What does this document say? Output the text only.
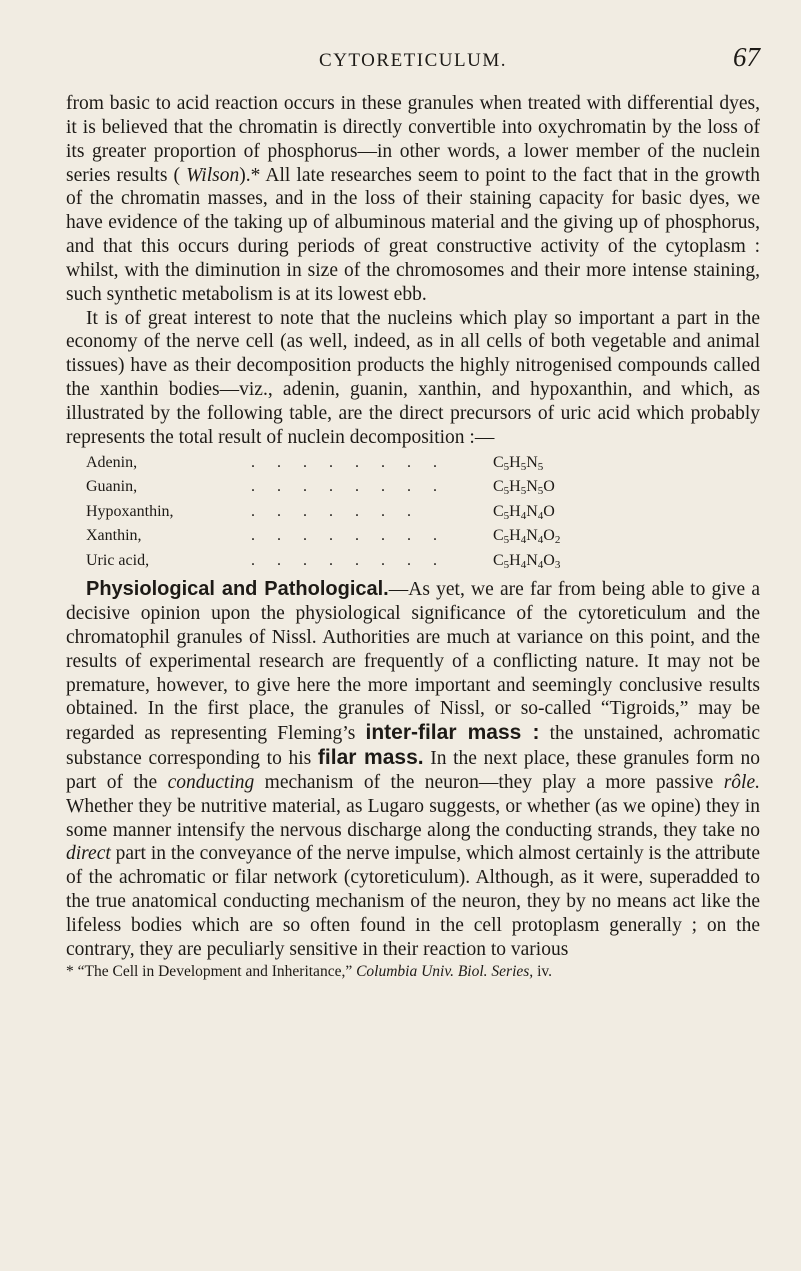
CYTORETICULUM.	67

from basic to acid reaction occurs in these granules when treated with differential dyes, it is believed that the chromatin is directly convertible into oxychromatin by the loss of its greater proportion of phosphorus—in other words, a lower member of the nuclein series results ( Wilson).* All late researches seem to point to the fact that in the growth of the chromatin masses, and in the loss of their staining capacity for basic dyes, we have evidence of the taking up of albuminous material and the giving up of phosphorus, and that this occurs during periods of great constructive activity of the cytoplasm : whilst, with the diminution in size of the chromosomes and their more intense staining, such synthetic metabolism is at its lowest ebb.

It is of great interest to note that the nucleins which play so important a part in the economy of the nerve cell (as well, indeed, as in all cells of both vegetable and animal tissues) have as their decomposition products the highly nitrogenised compounds called the xanthin bodies—viz., adenin, guanin, xanthin, and hypoxanthin, and which, as illustrated by the following table, are the direct precursors of uric acid which probably represents the total result of nuclein decomposition :—

Adenin,	. . . . . . . .	$C_5H_5N_5$
Guanin,	. . . . . . . .	$C_5H_5N_5O$
Hypoxanthin,	. . . . . . .	$C_5H_4N_4O$
Xanthin,	. . . . . . . .	$C_5H_4N_4O_2$
Uric acid,	. . . . . . . .	$C_5H_4N_4O_3$

Physiological and Pathological.—As yet, we are far from being able to give a decisive opinion upon the physiological significance of the cytoreticulum and the chromatophil granules of Nissl. Authorities are much at variance on this point, and the results of experimental research are frequently of a conflicting nature. It may not be premature, however, to give here the more important and seemingly conclusive results obtained. In the first place, the granules of Nissl, or so-called “Tigroids,” may be regarded as representing Fleming’s inter-filar mass : the unstained, achromatic substance corresponding to his filar mass. In the next place, these granules form no part of the conducting mechanism of the neuron—they play a more passive rôle. Whether they be nutritive material, as Lugaro suggests, or whether (as we opine) they in some manner intensify the nervous discharge along the conducting strands, they take no direct part in the conveyance of the nerve impulse, which almost certainly is the attribute of the achromatic or filar network (cytoreticulum). Although, as it were, superadded to the true anatomical conducting mechanism of the neuron, they by no means act like the lifeless bodies which are so often found in the cell protoplasm generally ; on the contrary, they are peculiarly sensitive in their reaction to various

* “The Cell in Development and Inheritance,” Columbia Univ. Biol. Series, iv.
